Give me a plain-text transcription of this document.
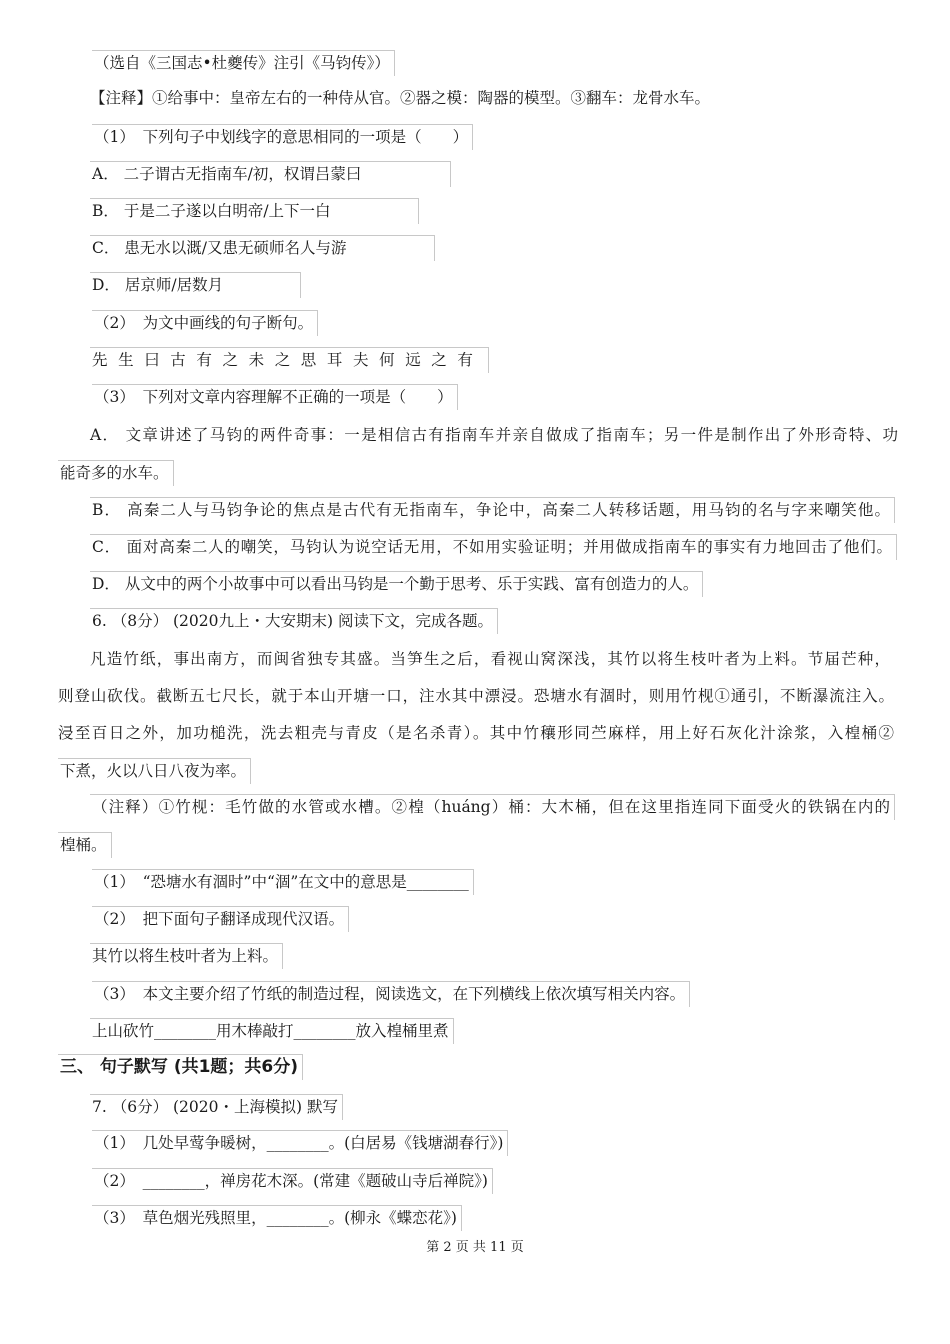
（选自《三国志•杜夔传》注引《马钧传》）
【注释】①给事中：皇帝左右的一种侍从官。②器之模：陶器的模型。③翻车：龙骨水车。
（1）　下列句子中划线字的意思相同的一项是（　　）
A． 二子谓古无指南车/初，权谓吕蒙曰
B． 于是二子遂以白明帝/上下一白
C． 患无水以溉/又患无硕师名人与游
D． 居京师/居数月
（2）　为文中画线的句子断句。
先生曰古有之未之思耳夫何远之有
（3）　下列对文章内容理解不正确的一项是（　　）
A． 文章讲述了马钧的两件奇事：一是相信古有指南车并亲自做成了指南车；另一件是制作出了外形奇特、功
能奇多的水车。
B． 高秦二人与马钧争论的焦点是古代有无指南车，争论中，高秦二人转移话题，用马钧的名与字来嘲笑他。
C． 面对高秦二人的嘲笑，马钧认为说空话无用，不如用实验证明；并用做成指南车的事实有力地回击了他们。
D． 从文中的两个小故事中可以看出马钧是一个勤于思考、乐于实践、富有创造力的人。
6. （8分） (2020九上・大安期末) 阅读下文，完成各题。
凡造竹纸，事出南方，而闽省独专其盛。当笋生之后，看视山窝深浅，其竹以将生枝叶者为上料。节届芒种，
则登山砍伐。截断五七尺长，就于本山开塘一口，注水其中漂浸。恐塘水有涸时，则用竹枧①通引，不断瀑流注入。
浸至百日之外，加功槌洗，洗去粗壳与青皮（是名杀青）。其中竹穰形同苎麻样，用上好石灰化汁涂浆，入楻桶②
下煮，火以八日八夜为率。
（注释）①竹枧：毛竹做的水管或水槽。②楻（huáng）桶：大木桶，但在这里指连同下面受火的铁锅在内的
楻桶。
（1）　“恐塘水有涸时”中“涸”在文中的意思是________
（2）　把下面句子翻译成现代汉语。
其竹以将生枝叶者为上料。
（3）　本文主要介绍了竹纸的制造过程，阅读选文，在下列横线上依次填写相关内容。
上山砍竹________用木棒敲打________放入楻桶里煮
三、 句子默写 (共1题；共6分)
7. （6分） (2020・上海模拟) 默写
（1）　几处早莺争暖树，________。(白居易《钱塘湖春行》)
（2）　________，禅房花木深。(常建《题破山寺后禅院》)
（3）　草色烟光残照里，________。(柳永《蝶恋花》)
第 2 页 共 11 页
